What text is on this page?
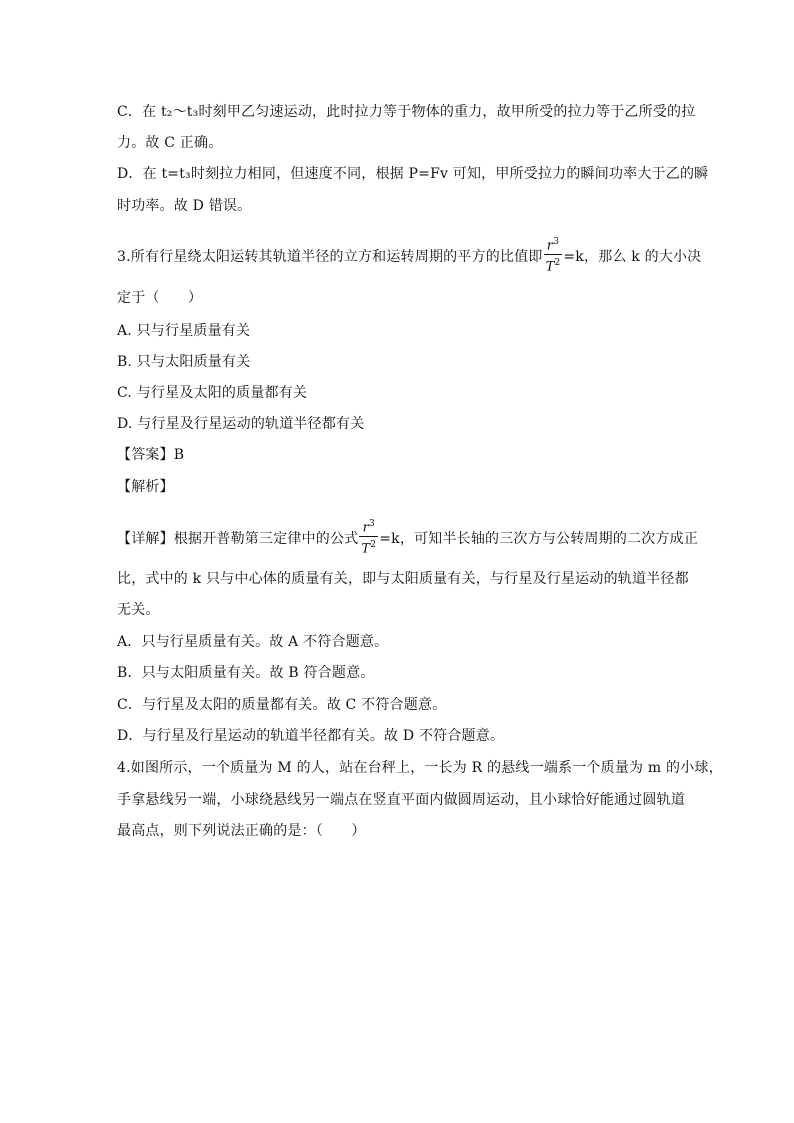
C．在 t₂～t₃时刻甲乙匀速运动，此时拉力等于物体的重力，故甲所受的拉力等于乙所受的拉
力。故 C 正确。
D．在 t=t₃时刻拉力相同，但速度不同，根据 P=Fv 可知，甲所受拉力的瞬间功率大于乙的瞬
时功率。故 D 错误。
3.所有行星绕太阳运转其轨道半径的立方和运转周期的平方的比值即 $\frac{r^3}{T^2} =k$，那么 k 的大小决
定于（　　）
A. 只与行星质量有关
B. 只与太阳质量有关
C. 与行星及太阳的质量都有关
D. 与行星及行星运动的轨道半径都有关
【答案】B
【解析】
【详解】根据开普勒第三定律中的公式 $\frac{r^3}{T^2} =k$，可知半长轴的三次方与公转周期的二次方成正
比，式中的 k 只与中心体的质量有关，即与太阳质量有关，与行星及行星运动的轨道半径都
无关。
A．只与行星质量有关。故 A 不符合题意。
B．只与太阳质量有关。故 B 符合题意。
C．与行星及太阳的质量都有关。故 C 不符合题意。
D．与行星及行星运动的轨道半径都有关。故 D 不符合题意。
4.如图所示，一个质量为 M 的人，站在台秤上，一长为 R 的悬线一端系一个质量为 m 的小球，
手拿悬线另一端，小球绕悬线另一端点在竖直平面内做圆周运动，且小球恰好能通过圆轨道
最高点，则下列说法正确的是：（　　）
